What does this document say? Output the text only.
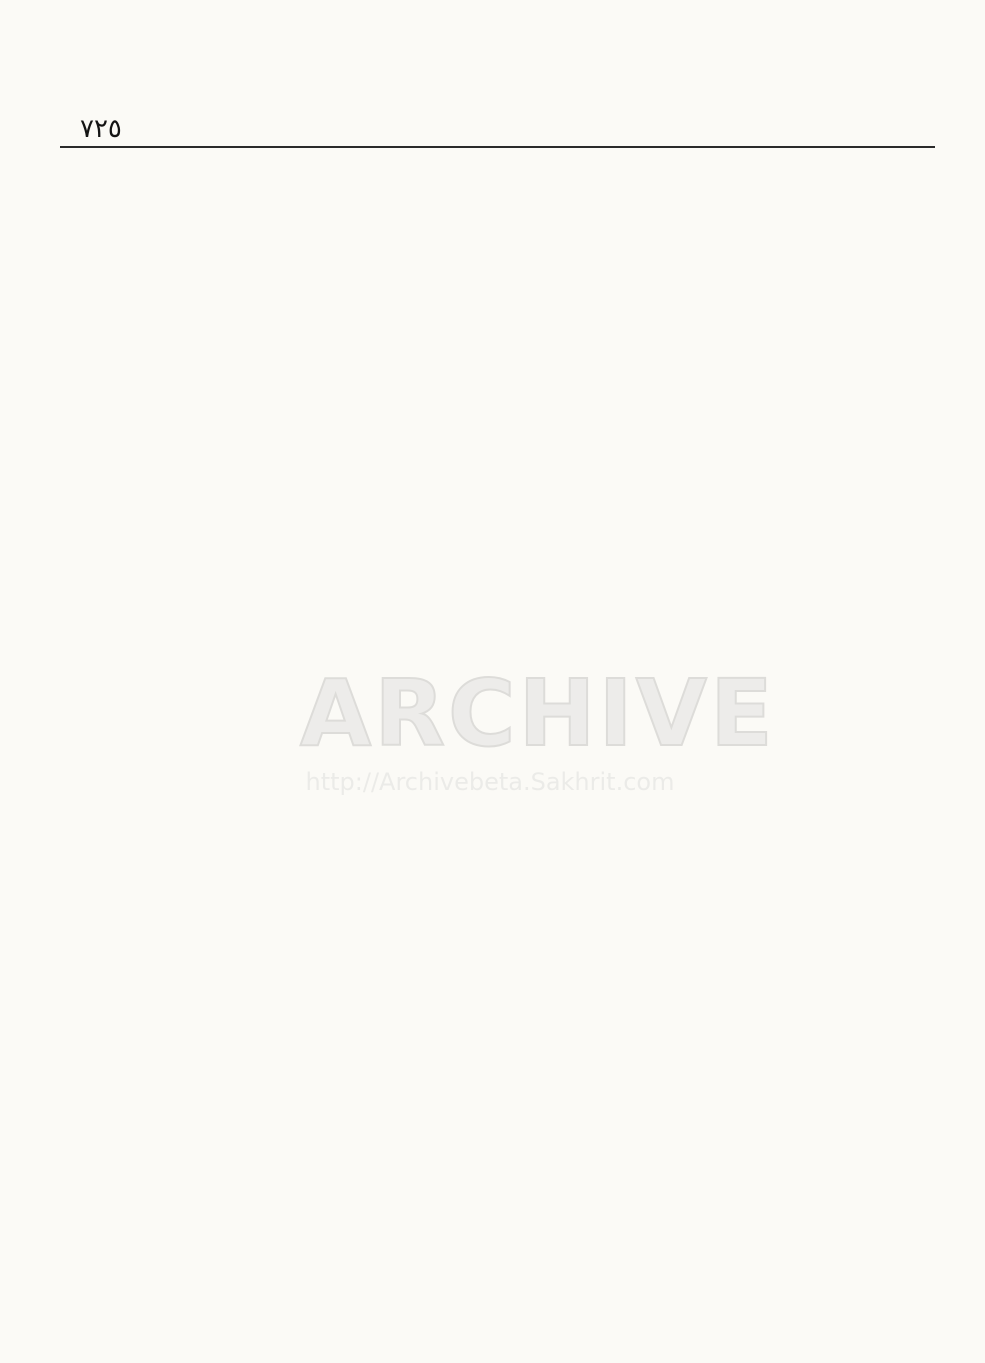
٧٢٥
ARCHIVE
http://Archivebeta.Sakhrit.com
